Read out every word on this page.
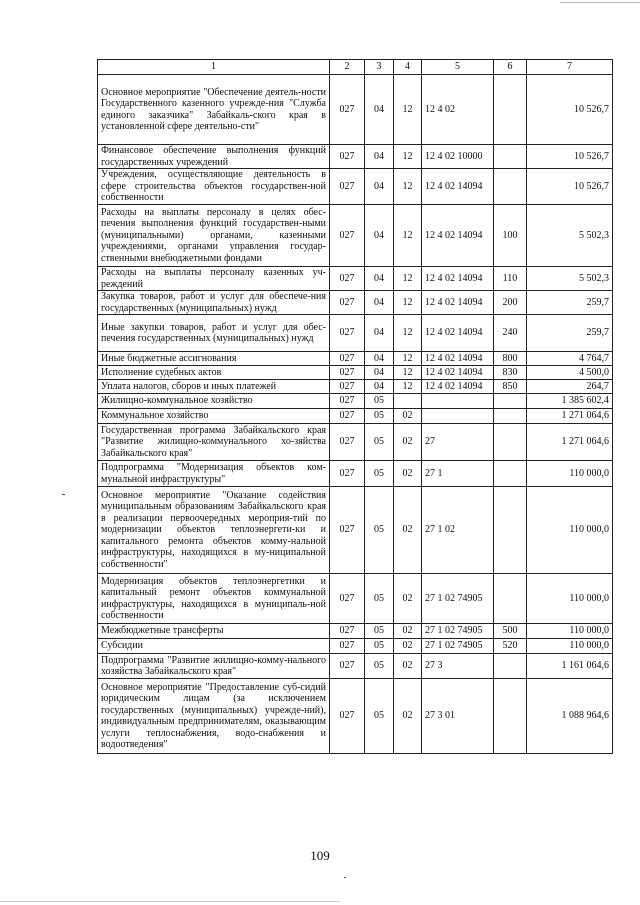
1	2	3	4	5	6	7
Основное мероприятие "Обеспечение деятель-ности Государственного казенного учрежде-ния "Служба единого заказчика" Забайкаль-ского края в установленной сфере деятельно-сти"	027	04	12	12 4 02		10 526,7
Финансовое обеспечение выполнения функций государственных учреждений	027	04	12	12 4 02 10000		10 526,7
Учреждения, осуществляющие деятельность в сфере строительства объектов государствен-ной собственности	027	04	12	12 4 02 14094		10 526,7
Расходы на выплаты персоналу в целях обес-печения выполнения функций государствен-ными (муниципальными) органами, казенными учреждениями, органами управления государ-ственными внебюджетными фондами	027	04	12	12 4 02 14094	100	5 502,3
Расходы на выплаты персоналу казенных уч-реждений	027	04	12	12 4 02 14094	110	5 502,3
Закупка товаров, работ и услуг для обеспече-ния государственных (муниципальных) нужд	027	04	12	12 4 02 14094	200	259,7
Иные закупки товаров, работ и услуг для обес-печения государственных (муниципальных) нужд	027	04	12	12 4 02 14094	240	259,7
Иные бюджетные ассигнования	027	04	12	12 4 02 14094	800	4 764,7
Исполнение судебных актов	027	04	12	12 4 02 14094	830	4 500,0
Уплата налогов, сборов и иных платежей	027	04	12	12 4 02 14094	850	264,7
Жилищно-коммунальное хозяйство	027	05				1 385 602,4
Коммунальное хозяйство	027	05	02			1 271 064,6
Государственная программа Забайкальского края "Развитие жилищно-коммунального хо-зяйства Забайкальского края"	027	05	02	27		1 271 064,6
Подпрограмма "Модернизация объектов ком-мунальной инфраструктуры"	027	05	02	27 1		110 000,0
Основное мероприятие "Оказание содействия муниципальным образованиям Забайкальского края в реализации первоочередных мероприя-тий по модернизации объектов теплоэнергети-ки и капитального ремонта объектов комму-нальной инфраструктуры, находящихся в му-ниципальной собственности"	027	05	02	27 1 02		110 000,0
Модернизация объектов теплоэнергетики и капитальный ремонт объектов коммунальной инфраструктуры, находящихся в муниципаль-ной собственности	027	05	02	27 1 02 74905		110 000,0
Межбюджетные трансферты	027	05	02	27 1 02 74905	500	110 000,0
Субсидии	027	05	02	27 1 02 74905	520	110 000,0
Подпрограмма "Развитие жилищно-комму-нального хозяйства Забайкальского края"	027	05	02	27 3		1 161 064,6
Основное мероприятие "Предоставление суб-сидий юридическим лицам (за исключением государственных (муниципальных) учрежде-ний), индивидуальным предпринимателям, оказывающим услуги теплоснабжения, водо-снабжения и водоотведения"	027	05	02	27 3 01		1 088 964,6
109
